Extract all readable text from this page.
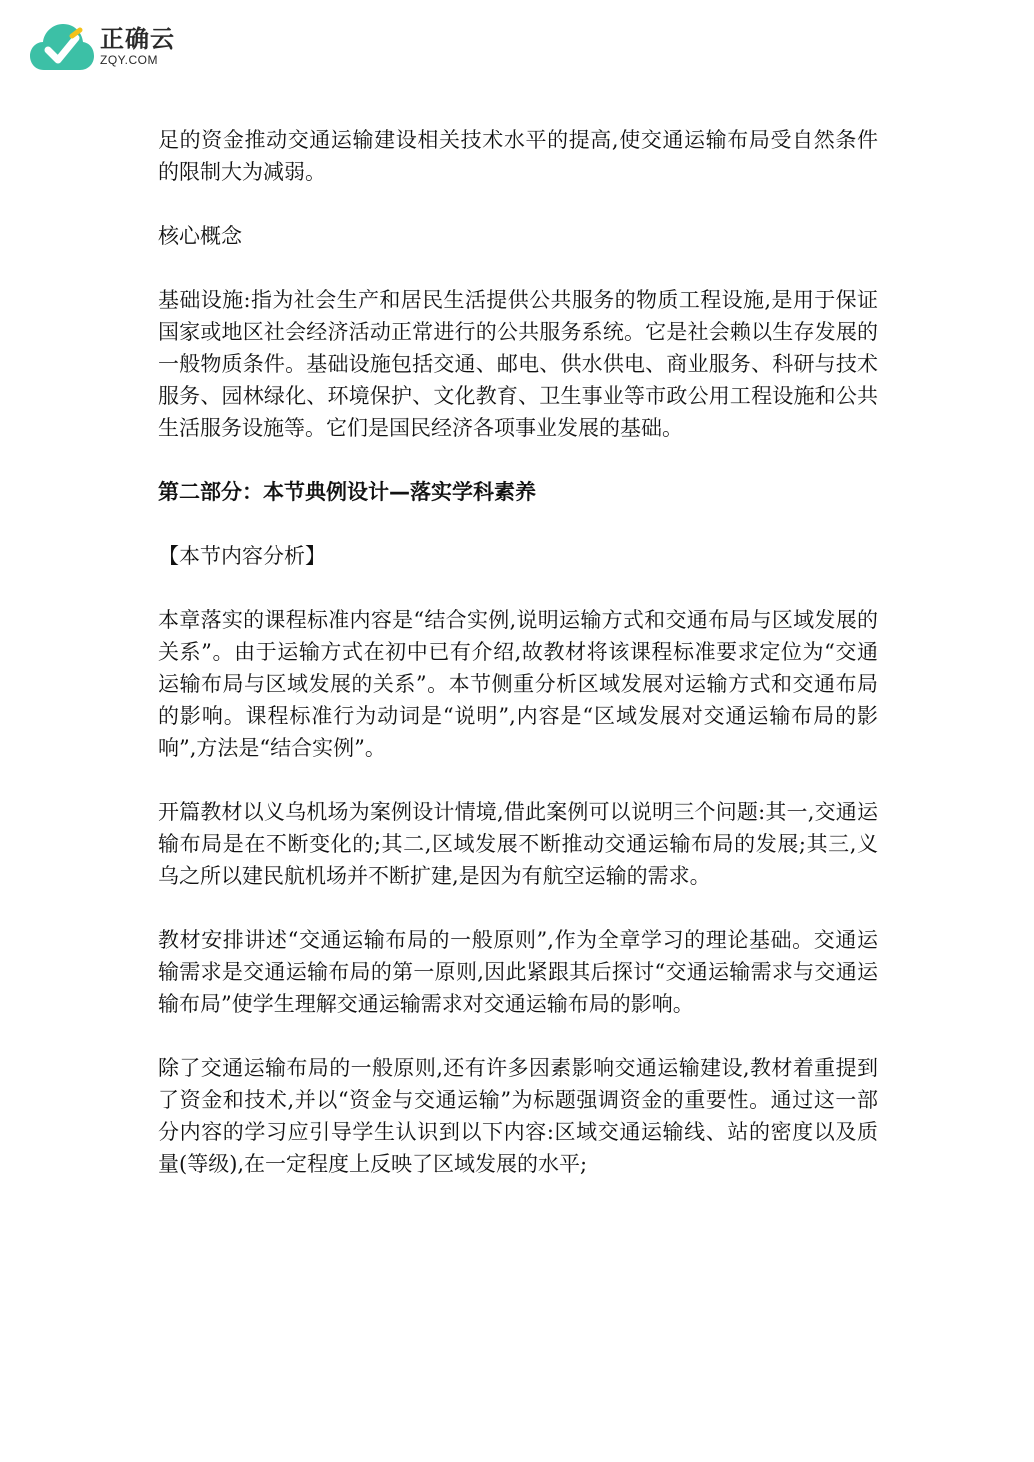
正确云
ZQY.COM

足的资金推动交通运输建设相关技术水平的提高,使交通运输布局受自然条件的限制大为减弱。

核心概念

基础设施:指为社会生产和居民生活提供公共服务的物质工程设施,是用于保证国家或地区社会经济活动正常进行的公共服务系统。它是社会赖以生存发展的一般物质条件。基础设施包括交通、邮电、供水供电、商业服务、科研与技术服务、园林绿化、环境保护、文化教育、卫生事业等市政公用工程设施和公共生活服务设施等。它们是国民经济各项事业发展的基础。

第二部分：本节典例设计—落实学科素养

【本节内容分析】

本章落实的课程标准内容是“结合实例,说明运输方式和交通布局与区域发展的关系”。由于运输方式在初中已有介绍,故教材将该课程标准要求定位为“交通运输布局与区域发展的关系”。本节侧重分析区域发展对运输方式和交通布局的影响。课程标准行为动词是“说明”,内容是“区域发展对交通运输布局的影响”,方法是“结合实例”。

开篇教材以义乌机场为案例设计情境,借此案例可以说明三个问题:其一,交通运输布局是在不断变化的;其二,区域发展不断推动交通运输布局的发展;其三,义乌之所以建民航机场并不断扩建,是因为有航空运输的需求。

教材安排讲述“交通运输布局的一般原则”,作为全章学习的理论基础。交通运输需求是交通运输布局的第一原则,因此紧跟其后探讨“交通运输需求与交通运输布局”使学生理解交通运输需求对交通运输布局的影响。

除了交通运输布局的一般原则,还有许多因素影响交通运输建设,教材着重提到了资金和技术,并以“资金与交通运输”为标题强调资金的重要性。通过这一部分内容的学习应引导学生认识到以下内容:区域交通运输线、站的密度以及质量(等级),在一定程度上反映了区域发展的水平;
